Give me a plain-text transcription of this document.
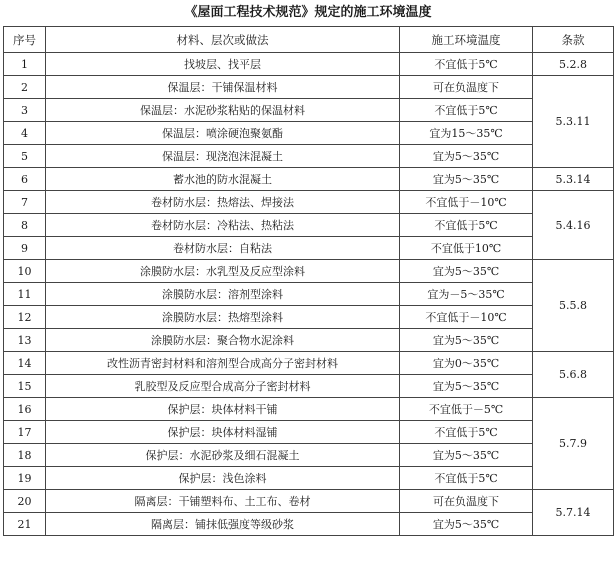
《屋面工程技术规范》规定的施工环境温度
序号	材料、层次或做法	施工环境温度	条款
1	找坡层、找平层	不宜低于5℃	5.2.8
2	保温层：干铺保温材料	可在负温度下	5.3.11
3	保温层：水泥砂浆粘贴的保温材料	不宜低于5℃	
4	保温层：喷涂硬泡聚氨酯	宜为15～35℃	
5	保温层：现浇泡沫混凝土	宜为5～35℃	
6	蓄水池的防水混凝土	宜为5～35℃	5.3.14
7	卷材防水层：热熔法、焊接法	不宜低于－10℃	5.4.16
8	卷材防水层：冷粘法、热粘法	不宜低于5℃	
9	卷材防水层：自粘法	不宜低于10℃	
10	涂膜防水层：水乳型及反应型涂料	宜为5～35℃	5.5.8
11	涂膜防水层：溶剂型涂料	宜为－5～35℃	
12	涂膜防水层：热熔型涂料	不宜低于－10℃	
13	涂膜防水层：聚合物水泥涂料	宜为5～35℃	
14	改性沥青密封材料和溶剂型合成高分子密封材料	宜为0～35℃	5.6.8
15	乳胶型及反应型合成高分子密封材料	宜为5～35℃	
16	保护层：块体材料干铺	不宜低于－5℃	5.7.9
17	保护层：块体材料湿铺	不宜低于5℃	
18	保护层：水泥砂浆及细石混凝土	宜为5～35℃	
19	保护层：浅色涂料	不宜低于5℃	
20	隔离层：干铺塑料布、土工布、卷材	可在负温度下	5.7.14
21	隔离层：铺抹低强度等级砂浆	宜为5～35℃	
